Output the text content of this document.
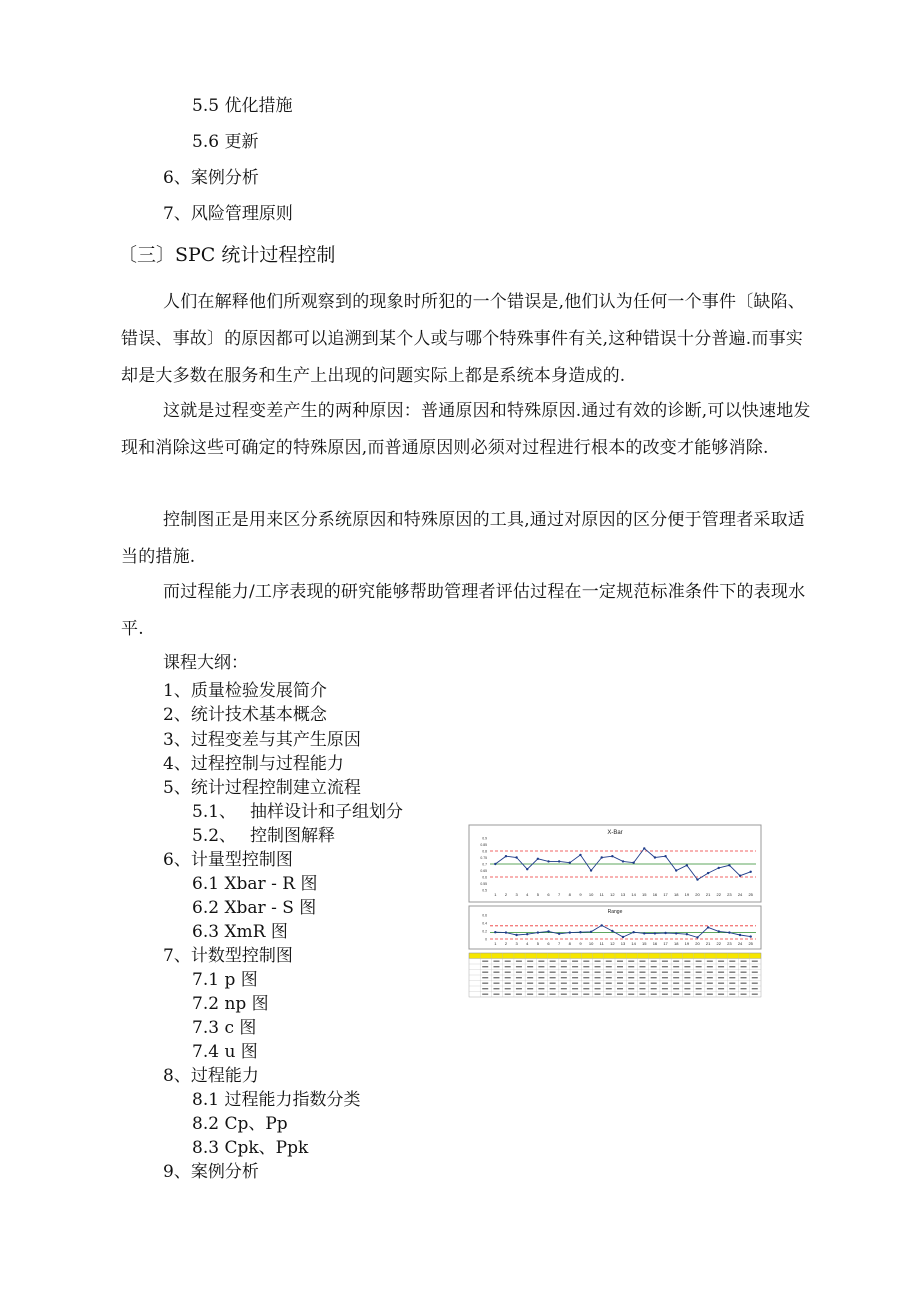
5.5 优化措施
5.6 更新
6、案例分析
7、风险管理原则
〔三〕SPC 统计过程控制
人们在解释他们所观察到的现象时所犯的一个错误是,他们认为任何一个事件〔缺陷、错误、事故〕的原因都可以追溯到某个人或与哪个特殊事件有关,这种错误十分普遍.而事实却是大多数在服务和生产上出现的问题实际上都是系统本身造成的.
这就是过程变差产生的两种原因：普通原因和特殊原因.通过有效的诊断,可以快速地发现和消除这些可确定的特殊原因,而普通原因则必须对过程进行根本的改变才能够消除.
控制图正是用来区分系统原因和特殊原因的工具,通过对原因的区分便于管理者采取适当的措施.
而过程能力/工序表现的研究能够帮助管理者评估过程在一定规范标准条件下的表现水平.
课程大纲：
1、质量检验发展简介
2、统计技术基本概念
3、过程变差与其产生原因
4、过程控制与过程能力
5、统计过程控制建立流程
5.1、 抽样设计和子组划分
5.2、 控制图解释
6、计量型控制图
6.1 Xbar - R 图
6.2 Xbar - S 图
6.3 XmR 图
7、计数型控制图
7.1 p 图
7.2 np 图
7.3 c 图
7.4 u 图
8、过程能力
8.1 过程能力指数分类
8.2 Cp、Pp
8.3 Cpk、Ppk
9、案例分析
X-Bar
0.9
0.85
0.8
0.75
0.7
0.65
0.6
0.55
0.5
1 2 3 4 5 6 7 8 9 10 11 12 13 14 15 16 17 18 19 20 21 22 23 24 25
Range
0.6
0.4
0.2
0
1 2 3 4 5 6 7 8 9 10 11 12 13 14 15 16 17 18 19 20 21 22 23 24 25
